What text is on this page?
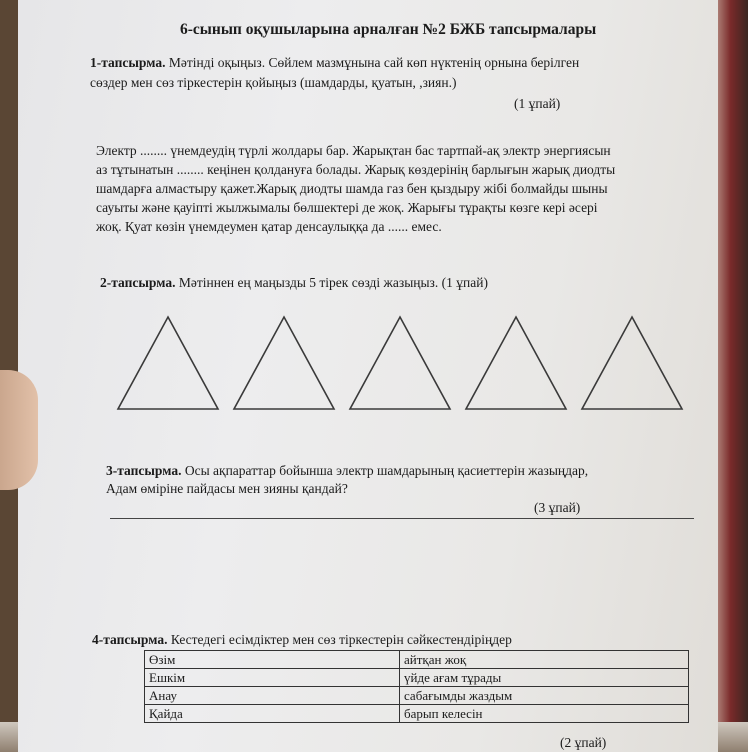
6-сынып оқушыларына арналған №2 БЖБ тапсырмалары
1-тапсырма. Мәтінді оқыңыз. Сөйлем мазмұнына сай көп нүктенің орнына берілген
сөздер мен сөз тіркестерін қойыңыз (шамдарды, қуатын, ,зиян.)
(1 ұпай)
Электр ........ үнемдеудің түрлі жолдары бар. Жарықтан бас тартпай-ақ электр энергиясын
аз тұтынатын ........ кеңінен қолдануға болады. Жарық көздерінің барлығын жарық диодты
шамдарға алмастыру қажет.Жарық диодты шамда газ бен қыздыру жібі болмайды шыны
сауыты және қауіпті жылжымалы бөлшектері де жоқ. Жарығы тұрақты көзге кері әсері
жоқ. Қуат көзін үнемдеумен қатар денсаулыққа да ...... емес.
2-тапсырма. Мәтіннен ең маңызды 5 тірек сөзді жазыңыз. (1 ұпай)
3-тапсырма. Осы ақпараттар бойынша электр шамдарының қасиеттерін жазыңдар,
Адам өміріне пайдасы мен зияны қандай?
(3 ұпай)
4-тапсырма. Кестедегі есімдіктер мен сөз тіркестерін сәйкестендіріңдер
Өзім	айтқан жоқ
Ешкім	үйде ағам тұрады
Анау	сабағымды жаздым
Қайда	барып келесін
(2 ұпай)
